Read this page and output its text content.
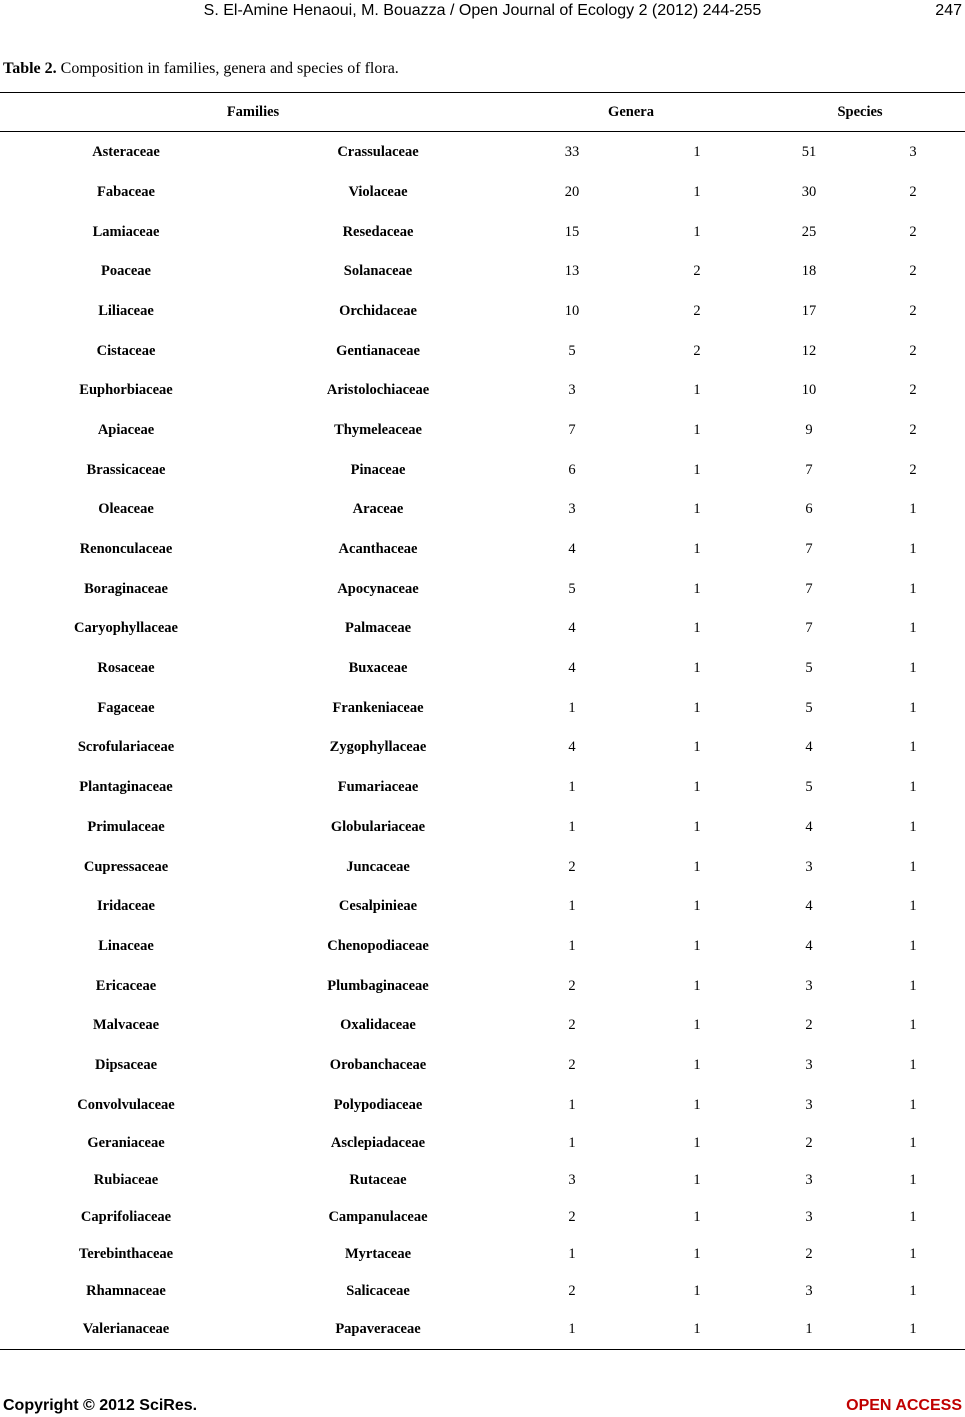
S. El-Amine Henaoui, M. Bouazza / Open Journal of Ecology 2 (2012) 244-255	247
Table 2. Composition in families, genera and species of flora.
Families	Genera	Species
Asteraceae	Crassulaceae	33	1	51	3
Fabaceae	Violaceae	20	1	30	2
Lamiaceae	Resedaceae	15	1	25	2
Poaceae	Solanaceae	13	2	18	2
Liliaceae	Orchidaceae	10	2	17	2
Cistaceae	Gentianaceae	5	2	12	2
Euphorbiaceae	Aristolochiaceae	3	1	10	2
Apiaceae	Thymeleaceae	7	1	9	2
Brassicaceae	Pinaceae	6	1	7	2
Oleaceae	Araceae	3	1	6	1
Renonculaceae	Acanthaceae	4	1	7	1
Boraginaceae	Apocynaceae	5	1	7	1
Caryophyllaceae	Palmaceae	4	1	7	1
Rosaceae	Buxaceae	4	1	5	1
Fagaceae	Frankeniaceae	1	1	5	1
Scrofulariaceae	Zygophyllaceae	4	1	4	1
Plantaginaceae	Fumariaceae	1	1	5	1
Primulaceae	Globulariaceae	1	1	4	1
Cupressaceae	Juncaceae	2	1	3	1
Iridaceae	Cesalpinieae	1	1	4	1
Linaceae	Chenopodiaceae	1	1	4	1
Ericaceae	Plumbaginaceae	2	1	3	1
Malvaceae	Oxalidaceae	2	1	2	1
Dipsaceae	Orobanchaceae	2	1	3	1
Convolvulaceae	Polypodiaceae	1	1	3	1
Geraniaceae	Asclepiadaceae	1	1	2	1
Rubiaceae	Rutaceae	3	1	3	1
Caprifoliaceae	Campanulaceae	2	1	3	1
Terebinthaceae	Myrtaceae	1	1	2	1
Rhamnaceae	Salicaceae	2	1	3	1
Valerianaceae	Papaveraceae	1	1	1	1
Copyright © 2012 SciRes.	OPEN ACCESS
